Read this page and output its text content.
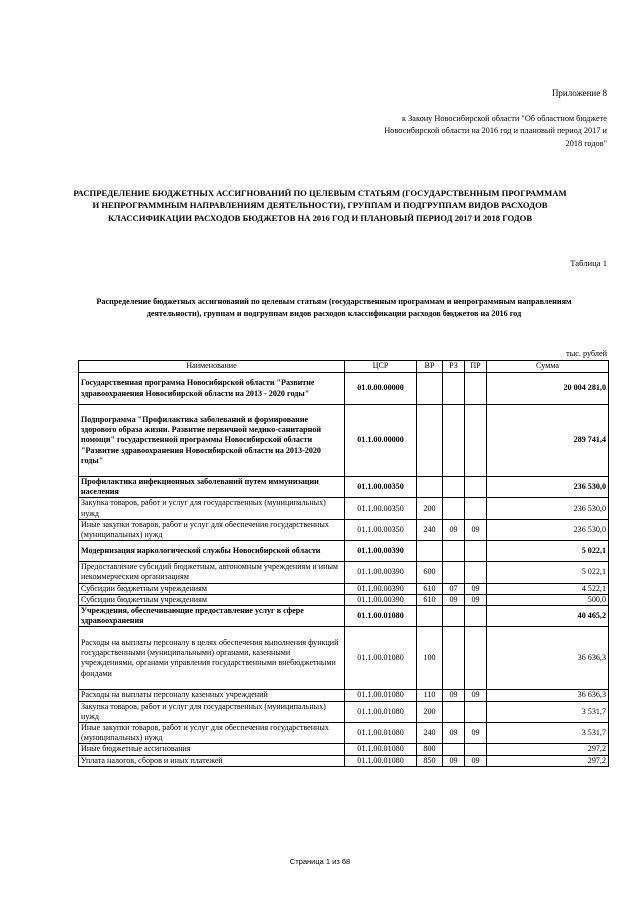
Приложение 8
к Закону Новосибирской области "Об областном бюджете Новосибирской области на 2016 год и плановый период 2017 и 2018 годов"
РАСПРЕДЕЛЕНИЕ БЮДЖЕТНЫХ АССИГНОВАНИЙ ПО ЦЕЛЕВЫМ СТАТЬЯМ (ГОСУДАРСТВЕННЫМ ПРОГРАММАМ И НЕПРОГРАММНЫМ НАПРАВЛЕНИЯМ ДЕЯТЕЛЬНОСТИ), ГРУППАМ И ПОДГРУППАМ ВИДОВ РАСХОДОВ КЛАССИФИКАЦИИ РАСХОДОВ БЮДЖЕТОВ НА 2016 ГОД И ПЛАНОВЫЙ ПЕРИОД 2017 И 2018 ГОДОВ
Таблица 1
Распределение бюджетных ассигнований по целевым статьям (государственным программам и непрограммным направлениям деятельности), группам и подгруппам видов расходов классификации расходов бюджетов на 2016 год
тыс. рублей
Наименование	ЦСР	ВР	РЗ	ПР	Сумма
Государственная программа Новосибирской области "Развитие здравоохранения Новосибирской области на 2013 - 2020 годы"	01.0.00.00000				20 004 281,0
Подпрограмма "Профилактика заболеваний и формирование здорового образа жизни. Развитие первичной медико-санитарной помощи" государственной программы Новосибирской области "Развитие здравоохранения Новосибирской области на 2013-2020 годы"	01.1.00.00000				289 741,4
Профилактика инфекционных заболеваний путем иммунизации населения	01.1.00.00350				236 530,0
Закупка товаров, работ и услуг для государственных (муниципальных) нужд	01.1.00.00350	200			236 530,0
Иные закупки товаров, работ и услуг для обеспечения государственных (муниципальных) нужд	01.1.00.00350	240	09	09	236 530,0
Модернизация наркологической службы Новосибирской области	01.1.00.00390				5 022,1
Предоставление субсидий бюджетным, автономным учреждениям и иным некоммерческим организациям	01.1.00.00390	600			5 022,1
Субсидии бюджетным учреждениям	01.1.00.00390	610	07	09	4 522,1
Субсидии бюджетным учреждениям	01.1.00.00390	610	09	09	500,0
Учреждения, обеспечивающие предоставление услуг в сфере здравоохранения	01.1.00.01080				40 465,2
Расходы на выплаты персоналу в целях обеспечения выполнения функций государственными (муниципальными) органами, казенными учреждениями, органами управления государственными внебюджетными фондами	01.1.00.01080	100			36 636,3
Расходы на выплаты персоналу казенных учреждений	01.1.00.01080	110	09	09	36 636,3
Закупка товаров, работ и услуг для государственных (муниципальных) нужд	01.1.00.01080	200			3 531,7
Иные закупки товаров, работ и услуг для обеспечения государственных (муниципальных) нужд	01.1.00.01080	240	09	09	3 531,7
Иные бюджетные ассигнования	01.1.00.01080	800			297,2
Уплата налогов, сборов и иных платежей	01.1.00.01080	850	09	09	297,2
Страница 1 из 68
